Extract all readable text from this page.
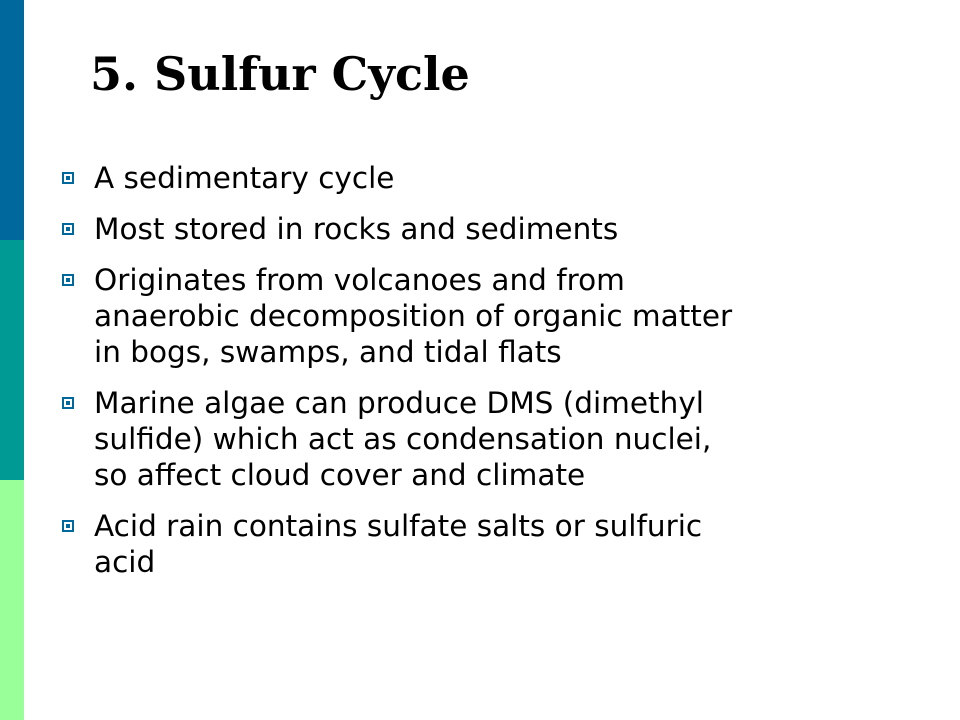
5. Sulfur Cycle
A sedimentary cycle
Most stored in rocks and sediments
Originates from volcanoes and from
anaerobic decomposition of organic matter
in bogs, swamps, and tidal flats
Marine algae can produce DMS (dimethyl
sulfide) which act as condensation nuclei,
so affect cloud cover and climate
Acid rain contains sulfate salts or sulfuric
acid
